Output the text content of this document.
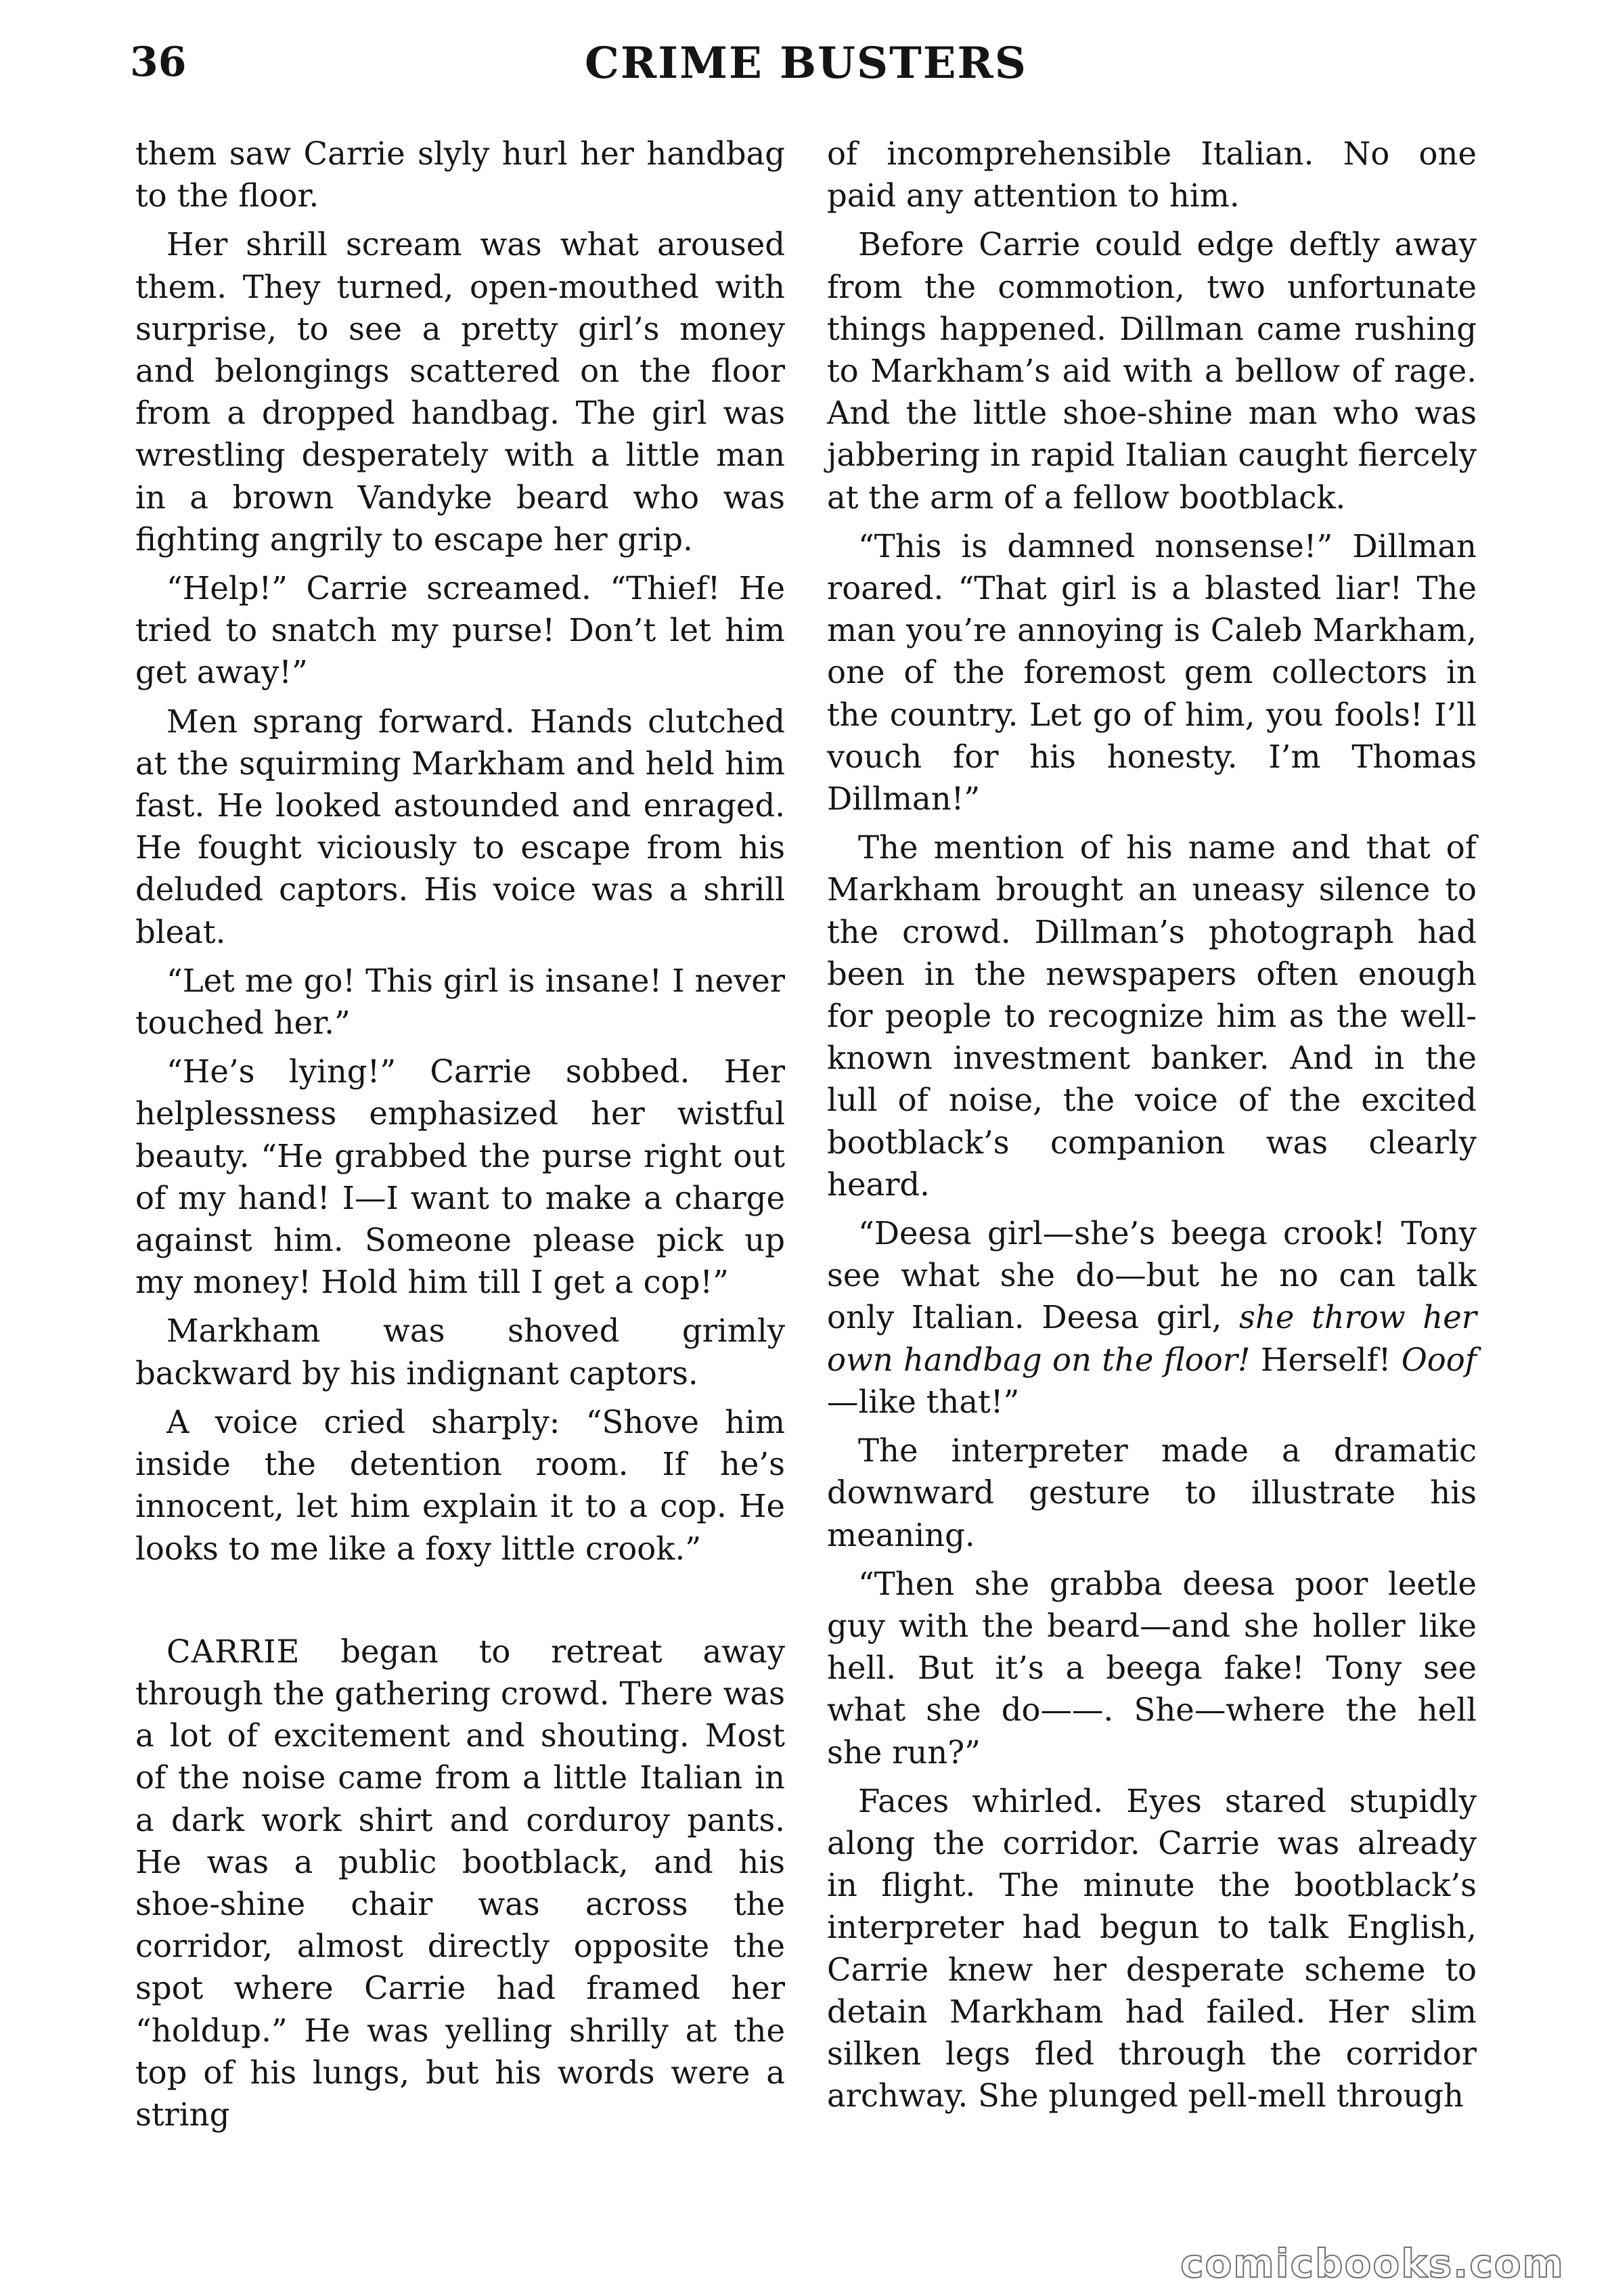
36	CRIME BUSTERS

them saw Carrie slyly hurl her handbag to the floor.

Her shrill scream was what aroused them. They turned, open-mouthed with surprise, to see a pretty girl’s money and belongings scattered on the floor from a dropped handbag. The girl was wrestling desperately with a little man in a brown Vandyke beard who was fighting angrily to escape her grip.

“Help!” Carrie screamed. “Thief! He tried to snatch my purse! Don’t let him get away!”

Men sprang forward. Hands clutched at the squirming Markham and held him fast. He looked astounded and enraged. He fought viciously to escape from his deluded captors. His voice was a shrill bleat.

“Let me go! This girl is insane! I never touched her.”

“He’s lying!” Carrie sobbed. Her helplessness emphasized her wistful beauty. “He grabbed the purse right out of my hand! I—I want to make a charge against him. Someone please pick up my money! Hold him till I get a cop!”

Markham was shoved grimly backward by his indignant captors.

A voice cried sharply: “Shove him inside the detention room. If he’s innocent, let him explain it to a cop. He looks to me like a foxy little crook.”

CARRIE began to retreat away through the gathering crowd. There was a lot of excitement and shouting. Most of the noise came from a little Italian in a dark work shirt and corduroy pants. He was a public bootblack, and his shoe-shine chair was across the corridor, almost directly opposite the spot where Carrie had framed her “holdup.” He was yelling shrilly at the top of his lungs, but his words were a string

of incomprehensible Italian. No one paid any attention to him.

Before Carrie could edge deftly away from the commotion, two unfortunate things happened. Dillman came rushing to Markham’s aid with a bellow of rage. And the little shoe-shine man who was jabbering in rapid Italian caught fiercely at the arm of a fellow bootblack.

“This is damned nonsense!” Dillman roared. “That girl is a blasted liar! The man you’re annoying is Caleb Markham, one of the foremost gem collectors in the country. Let go of him, you fools! I’ll vouch for his honesty. I’m Thomas Dillman!”

The mention of his name and that of Markham brought an uneasy silence to the crowd. Dillman’s photograph had been in the newspapers often enough for people to recognize him as the well-known investment banker. And in the lull of noise, the voice of the excited bootblack’s companion was clearly heard.

“Deesa girl—she’s beega crook! Tony see what she do—but he no can talk only Italian. Deesa girl, she throw her own handbag on the floor! Herself! Ooof—like that!”

The interpreter made a dramatic downward gesture to illustrate his meaning.

“Then she grabba deesa poor leetle guy with the beard—and she holler like hell. But it’s a beega fake! Tony see what she do——. She—where the hell she run?”

Faces whirled. Eyes stared stupidly along the corridor. Carrie was already in flight. The minute the bootblack’s interpreter had begun to talk English, Carrie knew her desperate scheme to detain Markham had failed. Her slim silken legs fled through the corridor archway. She plunged pell-mell through

comicbooks.com
